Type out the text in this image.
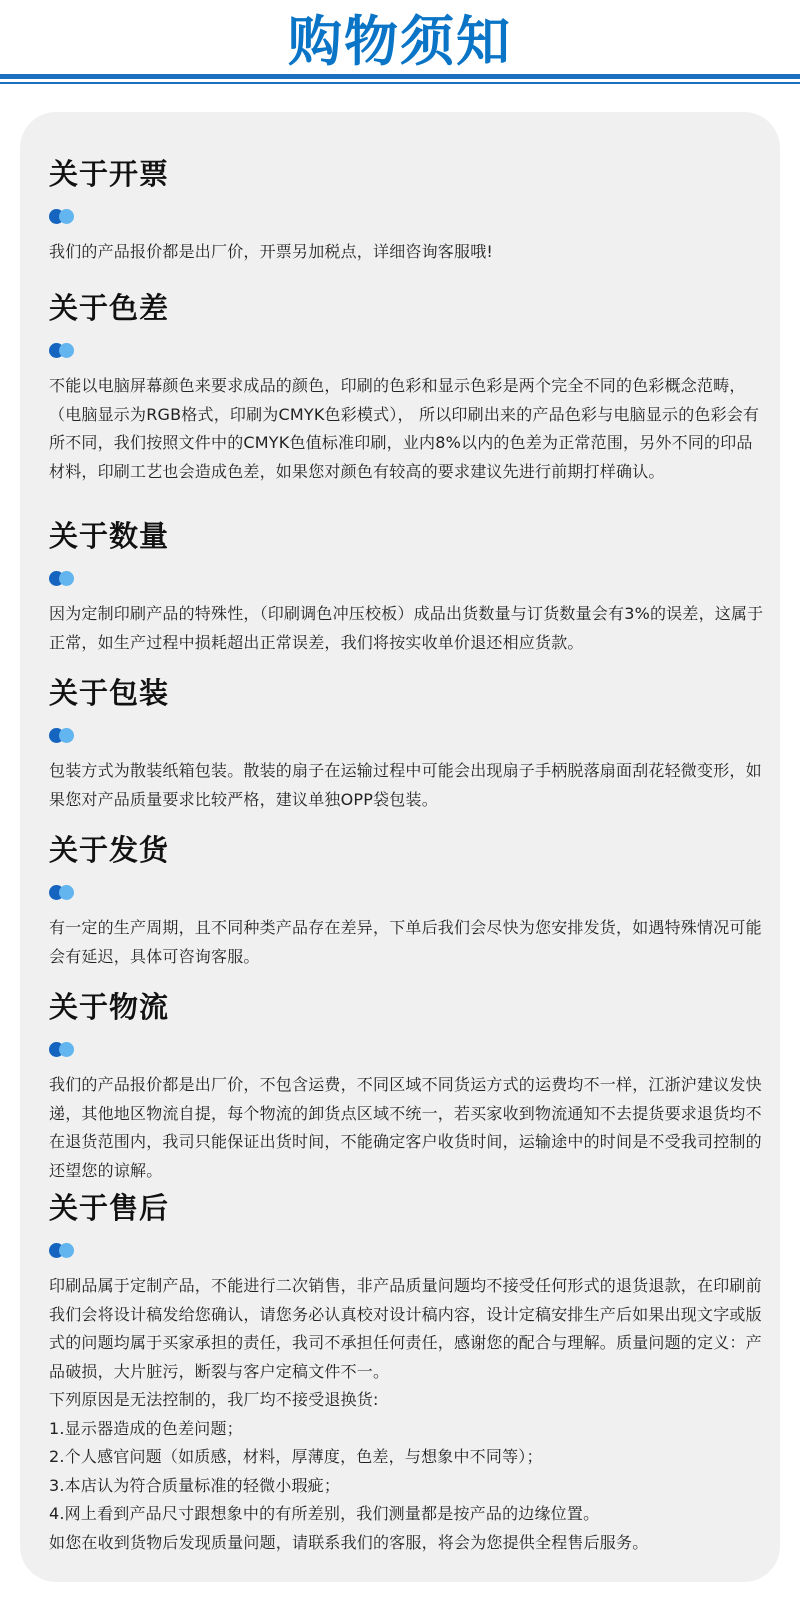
购物须知
关于开票

我们的产品报价都是出厂价，开票另加税点，详细咨询客服哦!

关于色差

不能以电脑屏幕颜色来要求成品的颜色，印刷的色彩和显示色彩是两个完全不同的色彩概念范畴，（电脑显示为RGB格式，印刷为CMYK色彩模式）， 所以印刷出来的产品色彩与电脑显示的色彩会有所不同，我们按照文件中的CMYK色值标准印刷，业内8%以内的色差为正常范围，另外不同的印品材料，印刷工艺也会造成色差，如果您对颜色有较高的要求建议先进行前期打样确认。

关于数量

因为定制印刷产品的特殊性，（印刷调色冲压校板）成品出货数量与订货数量会有3%的误差，这属于正常，如生产过程中损耗超出正常误差，我们将按实收单价退还相应货款。

关于包装

包装方式为散装纸箱包装。散装的扇子在运输过程中可能会出现扇子手柄脱落扇面刮花轻微变形，如果您对产品质量要求比较严格，建议单独OPP袋包装。

关于发货

有一定的生产周期，且不同种类产品存在差异，下单后我们会尽快为您安排发货，如遇特殊情况可能会有延迟，具体可咨询客服。

关于物流

我们的产品报价都是出厂价，不包含运费，不同区域不同货运方式的运费均不一样，江浙沪建议发快递，其他地区物流自提，每个物流的卸货点区域不统一，若买家收到物流通知不去提货要求退货均不在退货范围内，我司只能保证出货时间，不能确定客户收货时间，运输途中的时间是不受我司控制的还望您的谅解。

关于售后

印刷品属于定制产品，不能进行二次销售，非产品质量问题均不接受任何形式的退货退款，在印刷前我们会将设计稿发给您确认，请您务必认真校对设计稿内容，设计定稿安排生产后如果出现文字或版式的问题均属于买家承担的责任，我司不承担任何责任，感谢您的配合与理解。质量问题的定义：产品破损，大片脏污，断裂与客户定稿文件不一。

下列原因是无法控制的，我厂均不接受退换货:

1.显示器造成的色差问题；

2.个人感官问题（如质感，材料，厚薄度，色差，与想象中不同等）；

3.本店认为符合质量标准的轻微小瑕疵；

4.网上看到产品尺寸跟想象中的有所差别，我们测量都是按产品的边缘位置。

如您在收到货物后发现质量问题，请联系我们的客服，将会为您提供全程售后服务。
